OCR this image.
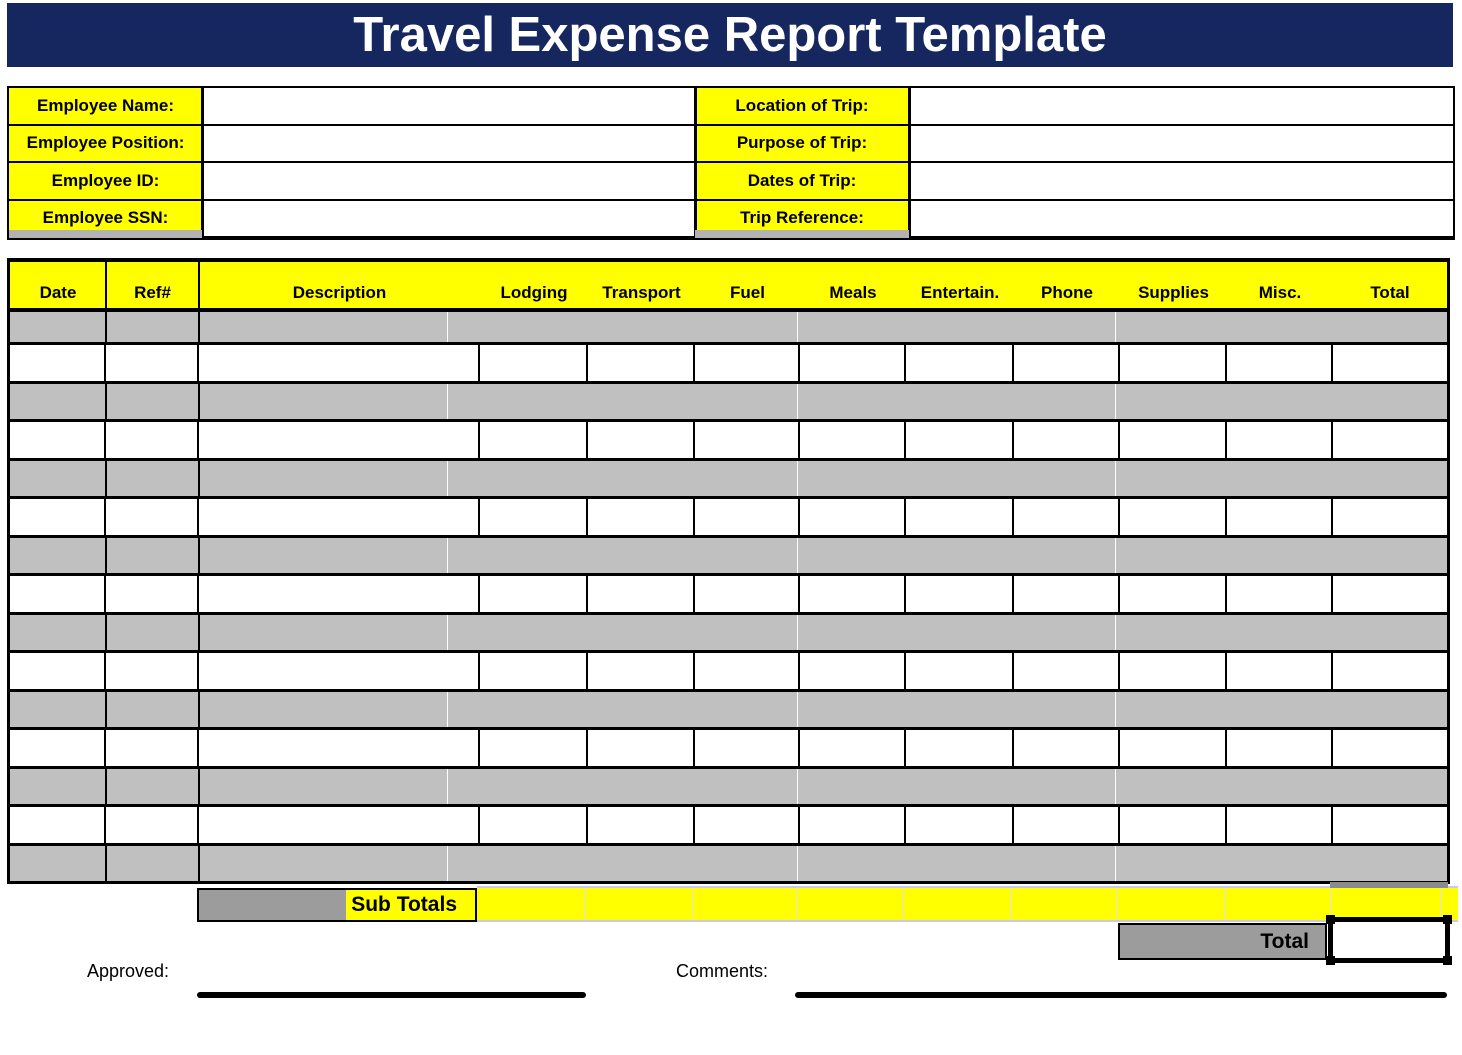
Travel Expense Report Template
Employee Name:	Location of Trip:
Employee Position:	Purpose of Trip:
Employee ID:	Dates of Trip:
Employee SSN:	Trip Reference:
Date	Ref#	Description	Lodging	Transport	Fuel	Meals	Entertain.	Phone	Supplies	Misc.	Total
Sub Totals
Total
Approved:	Comments:
